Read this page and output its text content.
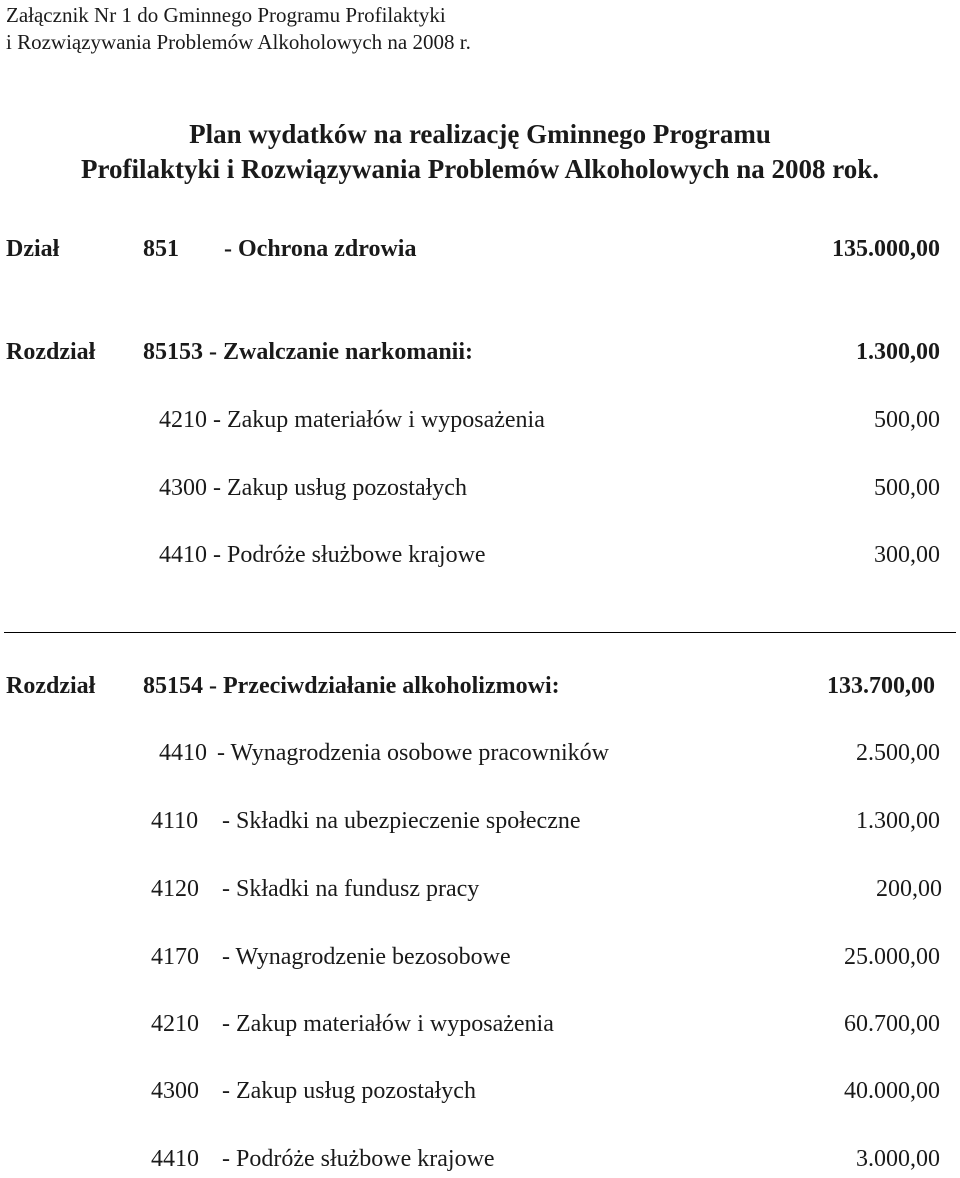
Załącznik Nr 1 do Gminnego Programu Profilaktyki
i Rozwiązywania Problemów Alkoholowych na 2008 r.
Plan wydatków na realizację Gminnego Programu
Profilaktyki i Rozwiązywania Problemów Alkoholowych na 2008 rok.
Dział	851 - Ochrona zdrowia	135.000,00
Rozdział 85153 - Zwalczanie narkomanii:	1.300,00
4210 - Zakup materiałów i wyposażenia	500,00
4300 - Zakup usług pozostałych	500,00
4410 - Podróże służbowe krajowe	300,00
Rozdział 85154 - Przeciwdziałanie alkoholizmowi:	133.700,00
4410 - Wynagrodzenia osobowe pracowników	2.500,00
4110 - Składki na ubezpieczenie społeczne	1.300,00
4120 - Składki na fundusz pracy	200,00
4170 - Wynagrodzenie bezosobowe	25.000,00
4210 - Zakup materiałów i wyposażenia	60.700,00
4300 - Zakup usług pozostałych	40.000,00
4410 - Podróże służbowe krajowe	3.000,00
